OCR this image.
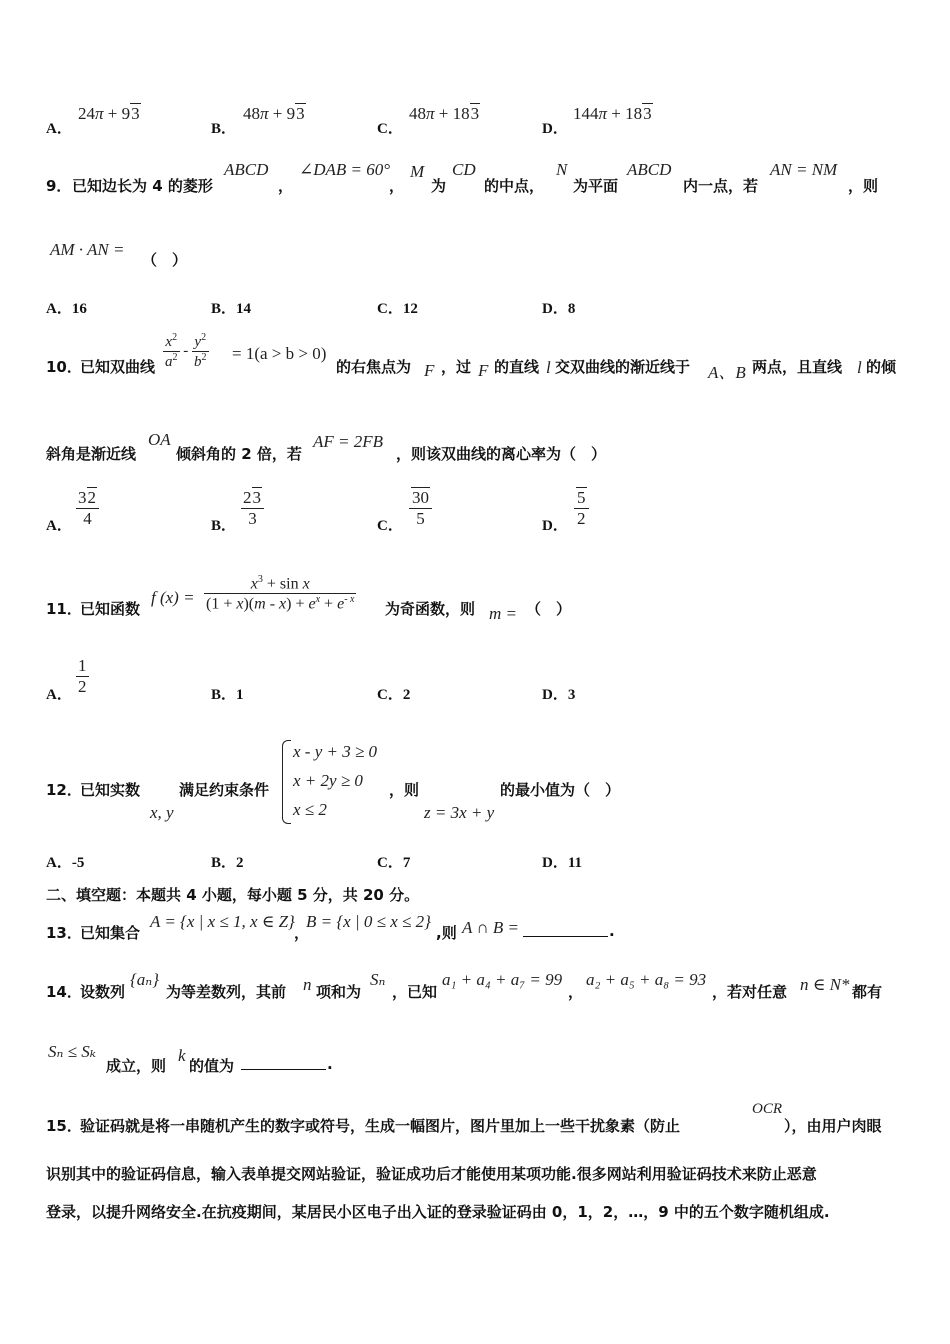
A．
24π + 93
B．
48π + 93
C．
48π + 183
D．
144π + 183
9． 已知边长为 4 的菱形
ABCD
，
∠DAB = 60°
，
M
为
CD
的中点，
N
为平面
ABCD
内一点，若
AN = NM
，则
AM · AN =
（　）
A．16	B．14	C．12	D．8
10．
已知双曲线 $\frac{x^2}{a^2} - \frac{y^2}{b^2} = 1(a > b > 0)$
的右焦点为 F ，过 F 的直线 l 交双曲线的渐近线于 A、B 两点，且直线 l 的倾
斜角是渐近线
OA
倾斜角的 2 倍，若
AF = 2FB
，则该双曲线的离心率为（　）
A． $\frac{32}{4}$	B． $\frac{23}{3}$	C． $\frac{30}{5}$	D． $\frac{5}{2}$
11．
已知函数
f $(x) = \frac{x^3 + \sin x}{(1 + x)(m - x) + e^x + e^{- x}}$ 为奇函数，则 m = （　）
A． $\frac{1}{2}$	B．1	C．2	D．3
12．
已知实数
x, y
满足约束条件
x - y + 3 ≥ 0
x + 2y ≥ 0
x ≤ 2
，则
z = 3x + y
的最小值为（　）
A．-5	B．2	C．7	D．11
二、填空题：本题共 4 小题，每小题 5 分，共 20 分。
13．
已知集合
A = {x | x ≤ 1, x ∈ Z}
，
B = {x | 0 ≤ x ≤ 2}
,则 A ∩ B =	.
14．
设数列
{aₙ}
为等差数列，其前 n 项和为
Sₙ
，已知
a₁ + a₄ + a₇ = 99
，
a₂ + a₅ + a₈ = 93
，若对任意 n ∈ N* 都有
Sₙ ≤ Sₖ
成立，则
k
的值为	.
15．
验证码就是将一串随机产生的数字或符号，生成一幅图片，图片里加上一些干扰象素（防止
OCR
），由用户肉眼
识别其中的验证码信息，输入表单提交网站验证，验证成功后才能使用某项功能.很多网站利用验证码技术来防止恶意
登录，以提升网络安全.在抗疫期间，某居民小区电子出入证的登录验证码由 0，1，2，…，9 中的五个数字随机组成.
